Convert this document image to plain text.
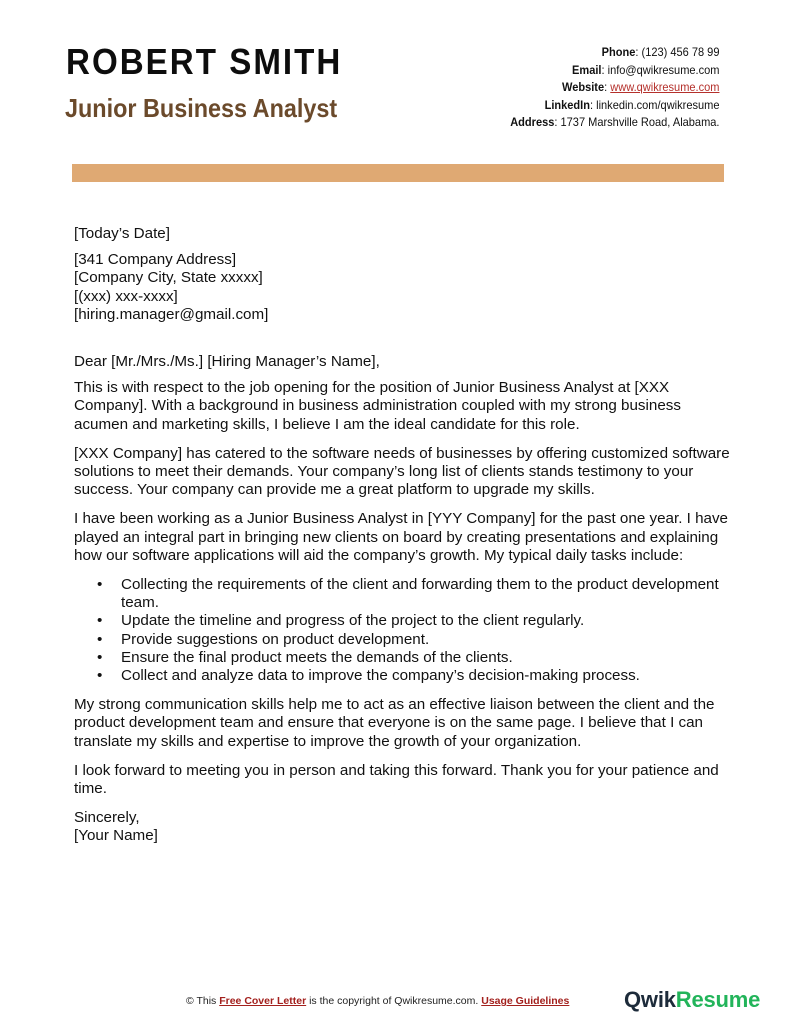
ROBERT SMITH
Junior Business Analyst
Phone: (123) 456 78 99
Email: info@qwikresume.com
Website: www.qwikresume.com
LinkedIn: linkedin.com/qwikresume
Address: 1737 Marshville Road, Alabama.

[Today’s Date]

[341 Company Address]

[Company City, State xxxxx]

[(xxx) xxx-xxxx]

[hiring.manager@gmail.com]

Dear [Mr./Mrs./Ms.] [Hiring Manager’s Name],

This is with respect to the job opening for the position of Junior Business Analyst at [XXX Company]. With a background in business administration coupled with my strong business acumen and marketing skills, I believe I am the ideal candidate for this role.

[XXX Company] has catered to the software needs of businesses by offering customized software solutions to meet their demands. Your company’s long list of clients stands testimony to your success. Your company can provide me a great platform to upgrade my skills.

I have been working as a Junior Business Analyst in [YYY Company] for the past one year. I have played an integral part in bringing new clients on board by creating presentations and explaining how our software applications will aid the company’s growth. My typical daily tasks include:

• Collecting the requirements of the client and forwarding them to the product development team.
• Update the timeline and progress of the project to the client regularly.
• Provide suggestions on product development.
• Ensure the final product meets the demands of the clients.
• Collect and analyze data to improve the company’s decision-making process.

My strong communication skills help me to act as an effective liaison between the client and the product development team and ensure that everyone is on the same page. I believe that I can translate my skills and expertise to improve the growth of your organization.

I look forward to meeting you in person and taking this forward. Thank you for your patience and time.

Sincerely,

[Your Name]

© This Free Cover Letter is the copyright of Qwikresume.com. Usage Guidelines QwikResume
